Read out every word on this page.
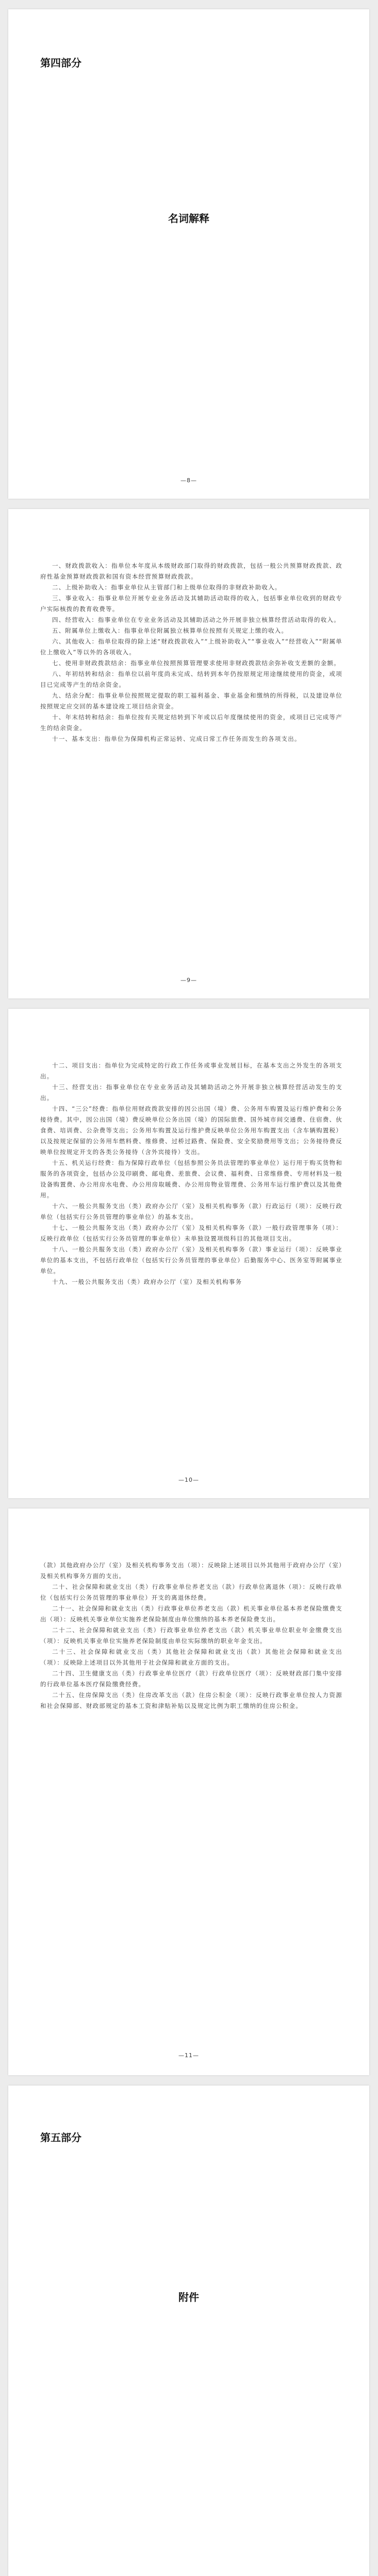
第四部分
名词解释
—8—

一、财政拨款收入：指单位本年度从本级财政部门取得的财政拨款，包括一般公共预算财政拨款、政府性基金预算财政拨款和国有资本经营预算财政拨款。

二、上级补助收入：指事业单位从主管部门和上级单位取得的非财政补助收入。

三、事业收入：指事业单位开展专业业务活动及其辅助活动取得的收入，包括事业单位收到的财政专户实际核拨的教育收费等。

四、经营收入：指事业单位在专业业务活动及其辅助活动之外开展非独立核算经营活动取得的收入。

五、附属单位上缴收入：指事业单位附属独立核算单位按照有关规定上缴的收入。

六、其他收入：指单位取得的除上述“财政拨款收入”“上级补助收入”“事业收入”“经营收入”“附属单位上缴收入”等以外的各项收入。

七、使用非财政拨款结余：指事业单位按照预算管理要求使用非财政拨款结余弥补收支差额的金额。

八、年初结转和结余：指单位以前年度尚未完成、结转到本年仍按原规定用途继续使用的资金，或项目已完成等产生的结余资金。

九、结余分配：指事业单位按照规定提取的职工福利基金、事业基金和缴纳的所得税，以及建设单位按照规定应交回的基本建设竣工项目结余资金。

十、年末结转和结余：指单位按有关规定结转到下年或以后年度继续使用的资金，或项目已完成等产生的结余资金。

十一、基本支出：指单位为保障机构正常运转、完成日常工作任务而发生的各项支出。

—9—

十二、项目支出：指单位为完成特定的行政工作任务或事业发展目标，在基本支出之外发生的各项支出。

十三、经营支出：指事业单位在专业业务活动及其辅助活动之外开展非独立核算经营活动发生的支出。

十四、“三公”经费：指单位用财政拨款安排的因公出国（境）费、公务用车购置及运行维护费和公务接待费。其中，因公出国（境）费反映单位公务出国（境）的国际旅费、国外城市间交通费、住宿费、伙食费、培训费、公杂费等支出；公务用车购置及运行维护费反映单位公务用车购置支出（含车辆购置税）以及按规定保留的公务用车燃料费、维修费、过桥过路费、保险费、安全奖励费用等支出；公务接待费反映单位按规定开支的各类公务接待（含外宾接待）支出。

十五、机关运行经费：指为保障行政单位（包括参照公务员法管理的事业单位）运行用于购买货物和服务的各项资金，包括办公及印刷费、邮电费、差旅费、会议费、福利费、日常维修费、专用材料及一般设备购置费、办公用房水电费、办公用房取暖费、办公用房物业管理费、公务用车运行维护费以及其他费用。

十六、一般公共服务支出（类）政府办公厅（室）及相关机构事务（款）行政运行（项）：反映行政单位（包括实行公务员管理的事业单位）的基本支出。

十七、一般公共服务支出（类）政府办公厅（室）及相关机构事务（款）一般行政管理事务（项）：反映行政单位（包括实行公务员管理的事业单位）未单独设置项级科目的其他项目支出。

十八、一般公共服务支出（类）政府办公厅（室）及相关机构事务（款）事业运行（项）：反映事业单位的基本支出，不包括行政单位（包括实行公务员管理的事业单位）后勤服务中心、医务室等附属事业单位。

十九、一般公共服务支出（类）政府办公厅（室）及相关机构事务

—10—

（款）其他政府办公厅（室）及相关机构事务支出（项）：反映除上述项目以外其他用于政府办公厅（室）及相关机构事务方面的支出。

二十、社会保障和就业支出（类）行政事业单位养老支出（款）行政单位离退休（项）：反映行政单位（包括实行公务员管理的事业单位）开支的离退休经费。

二十一、社会保障和就业支出（类）行政事业单位养老支出（款）机关事业单位基本养老保险缴费支出（项）：反映机关事业单位实施养老保险制度由单位缴纳的基本养老保险费支出。

二十二、社会保障和就业支出（类）行政事业单位养老支出（款）机关事业单位职业年金缴费支出（项）：反映机关事业单位实施养老保险制度由单位实际缴纳的职业年金支出。

二十三、社会保障和就业支出（类）其他社会保障和就业支出（款）其他社会保障和就业支出（项）：反映除上述项目以外其他用于社会保障和就业方面的支出。

二十四、卫生健康支出（类）行政事业单位医疗（款）行政单位医疗（项）：反映财政部门集中安排的行政单位基本医疗保险缴费经费。

二十五、住房保障支出（类）住房改革支出（款）住房公积金（项）：反映行政事业单位按人力资源和社会保障部、财政部规定的基本工资和津贴补贴以及规定比例为职工缴纳的住房公积金。

—11—
第五部分
附件
